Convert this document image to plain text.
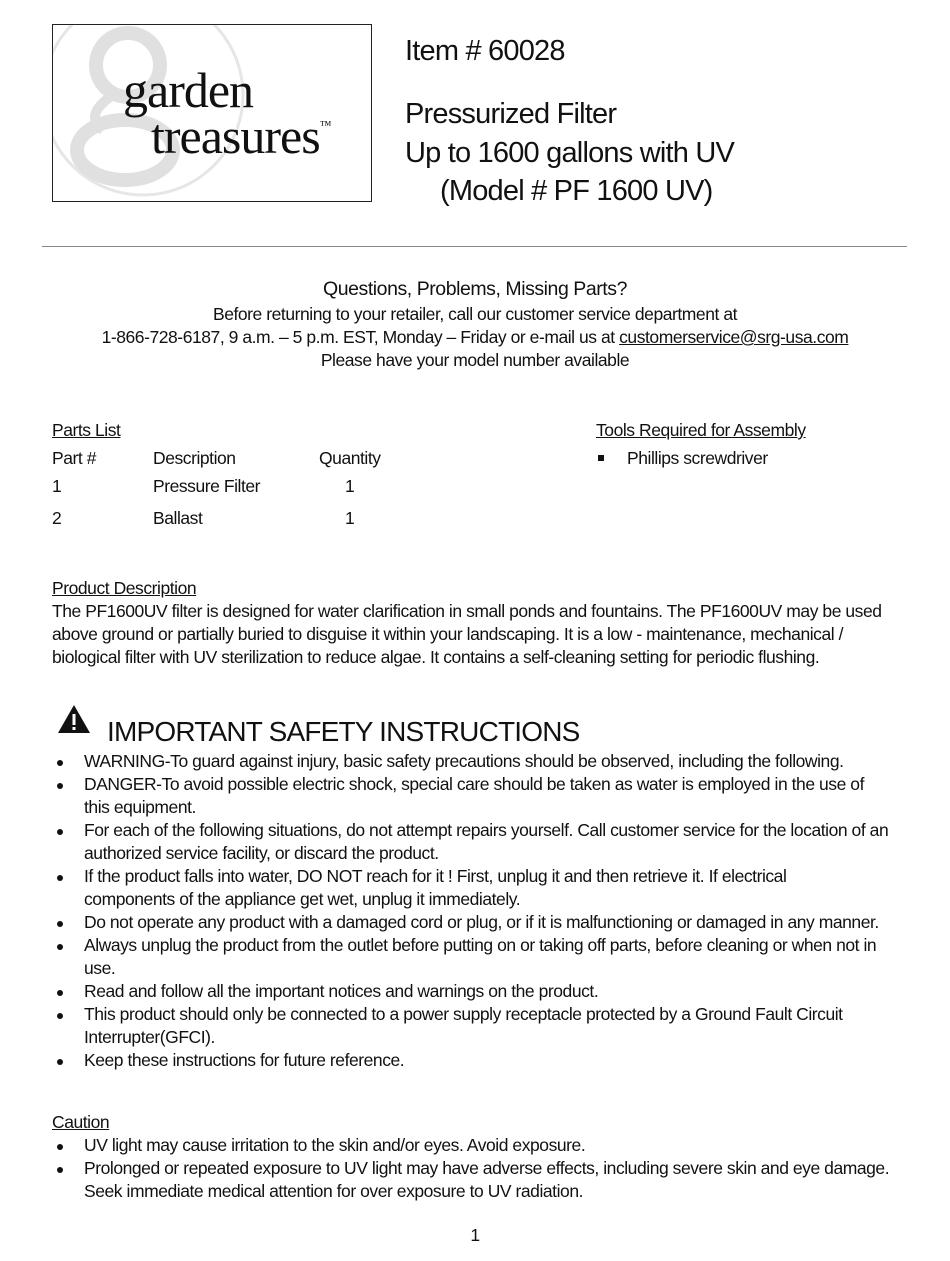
garden
treasures™
Item # 60028
Pressurized Filter
Up to 1600 gallons with UV
(Model # PF 1600 UV)
Questions, Problems, Missing Parts?
Before returning to your retailer, call our customer service department at
1-866-728-6187, 9 a.m. – 5 p.m. EST, Monday – Friday or e-mail us at customerservice@srg-usa.com
Please have your model number available
Parts List
Part #	Description	Quantity
1	Pressure Filter	1
2	Ballast	1
Tools Required for Assembly
Phillips screwdriver
Product Description
The PF1600UV filter is designed for water clarification in small ponds and fountains. The PF1600UV may be used
above ground or partially buried to disguise it within your landscaping. It is a low - maintenance, mechanical /
biological filter with UV sterilization to reduce algae. It contains a self-cleaning setting for periodic flushing.
IMPORTANT SAFETY INSTRUCTIONS
WARNING-To guard against injury, basic safety precautions should be observed, including the following.
DANGER-To avoid possible electric shock, special care should be taken as water is employed in the use of this equipment.
For each of the following situations, do not attempt repairs yourself. Call customer service for the location of an authorized service facility, or discard the product.
If the product falls into water, DO NOT reach for it ! First, unplug it and then retrieve it. If electrical components of the appliance get wet, unplug it immediately.
Do not operate any product with a damaged cord or plug, or if it is malfunctioning or damaged in any manner.
Always unplug the product from the outlet before putting on or taking off parts, before cleaning or when not in use.
Read and follow all the important notices and warnings on the product.
This product should only be connected to a power supply receptacle protected by a Ground Fault Circuit Interrupter(GFCI).
Keep these instructions for future reference.
Caution
UV light may cause irritation to the skin and/or eyes. Avoid exposure.
Prolonged or repeated exposure to UV light may have adverse effects, including severe skin and eye damage. Seek immediate medical attention for over exposure to UV radiation.
1
